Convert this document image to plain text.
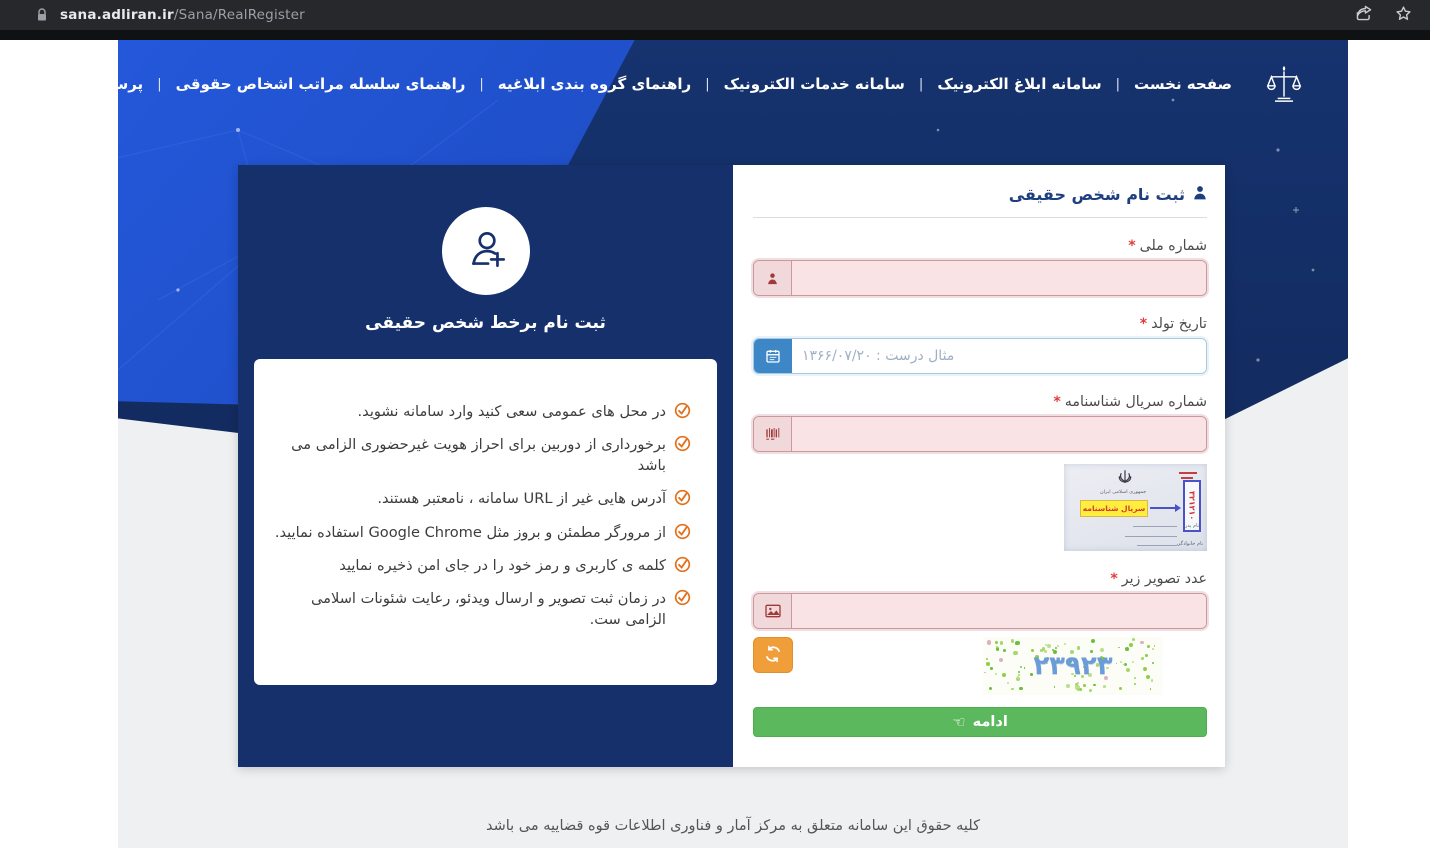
sana.adliran.ir/Sana/RealRegister
صفحه نخست
|
سامانه ابلاغ الکترونیک
|
سامانه خدمات الکترونیک
|
راهنمای گروه بندی ابلاغیه
|
راهنمای سلسله مراتب اشخاص حقوقی
|
پرسش های متداول
ثبت نام برخط شخص حقیقی
در محل های عمومی سعی کنید وارد سامانه نشوید.
برخورداری از دوربین برای احراز هویت غیرحضوری الزامی می باشد
آدرس هایی غیر از URL سامانه ، نامعتبر هستند.
از مرورگر مطمئن و بروز مثل Google Chrome استفاده نمایید.
کلمه ی کاربری و رمز خود را در جای امن ذخیره نمایید
در زمان ثبت تصویر و ارسال ویدئو، رعایت شئونات اسلامی الزامی ست.
ثبت نام شخص حقیقی
شماره ملی*
تاریخ تولد*
مثال درست : ۱۳۶۶/۰۷/۲۰
شماره سریال شناسنامه*
جمهوری اسلامی ایران	۳۲۱۲۱۰
سریال شناسنامه
نام پدر
نام خانوادگی
عدد تصویر زیر*
۲۳۹۲۳
ادامه
☜
کلیه حقوق این سامانه متعلق به مرکز آمار و فناوری اطلاعات قوه قضاییه می باشد
